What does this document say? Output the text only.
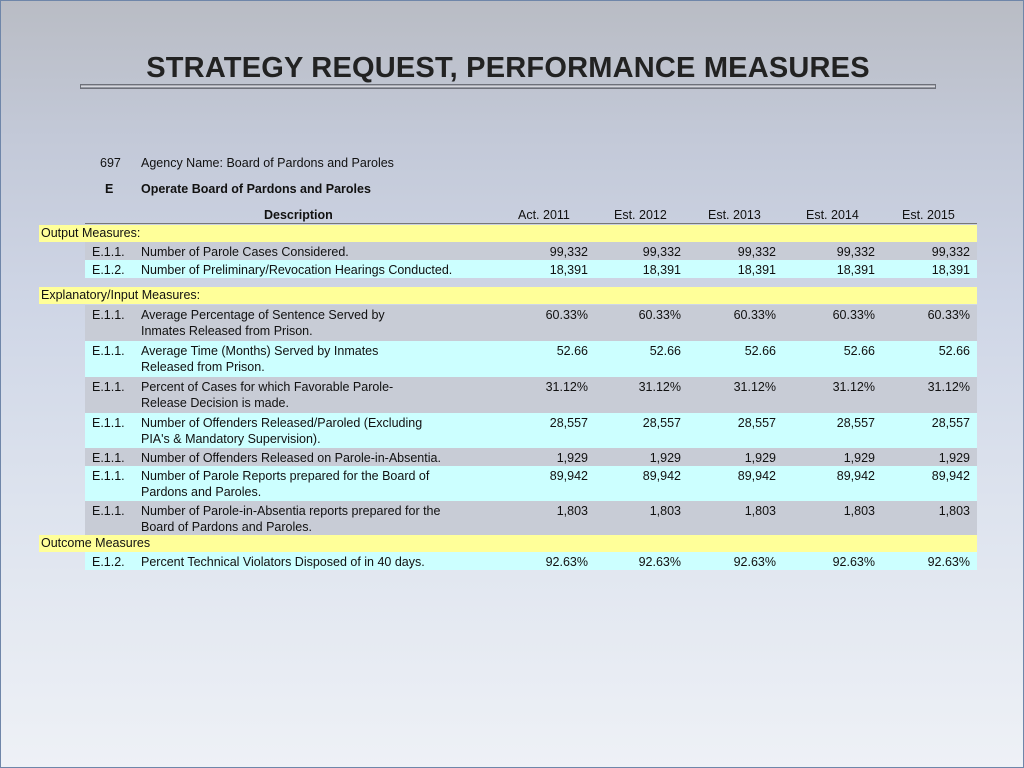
STRATEGY REQUEST, PERFORMANCE MEASURES
697 Agency Name: Board of Pardons and Paroles
E Operate Board of Pardons and Paroles
Description	Act. 2011	Est. 2012	Est. 2013	Est. 2014	Est. 2015
Output Measures:
E.1.1. Number of Parole Cases Considered.	99,332	99,332	99,332	99,332	99,332
E.1.2. Number of Preliminary/Revocation Hearings Conducted.	18,391	18,391	18,391	18,391	18,391
Explanatory/Input Measures:
E.1.1. Average Percentage of Sentence Served by
Inmates Released from Prison.
60.33%	60.33%	60.33%	60.33%	60.33%
E.1.1. Average Time (Months) Served by Inmates
Released from Prison.
52.66	52.66	52.66	52.66	52.66
E.1.1. Percent of Cases for which Favorable Parole-
Release Decision is made.
31.12%	31.12%	31.12%	31.12%	31.12%
E.1.1. Number of Offenders Released/Paroled (Excluding
PIA's & Mandatory Supervision).
28,557	28,557	28,557	28,557	28,557
E.1.1. Number of Offenders Released on Parole-in-Absentia.	1,929	1,929	1,929	1,929	1,929
E.1.1. Number of Parole Reports prepared for the Board of
Pardons and Paroles.
89,942	89,942	89,942	89,942	89,942
E.1.1. Number of Parole-in-Absentia reports prepared for the
Board of Pardons and Paroles.
1,803	1,803	1,803	1,803	1,803
Outcome Measures
E.1.2. Percent Technical Violators Disposed of in 40 days.	92.63%	92.63%	92.63%	92.63%	92.63%
